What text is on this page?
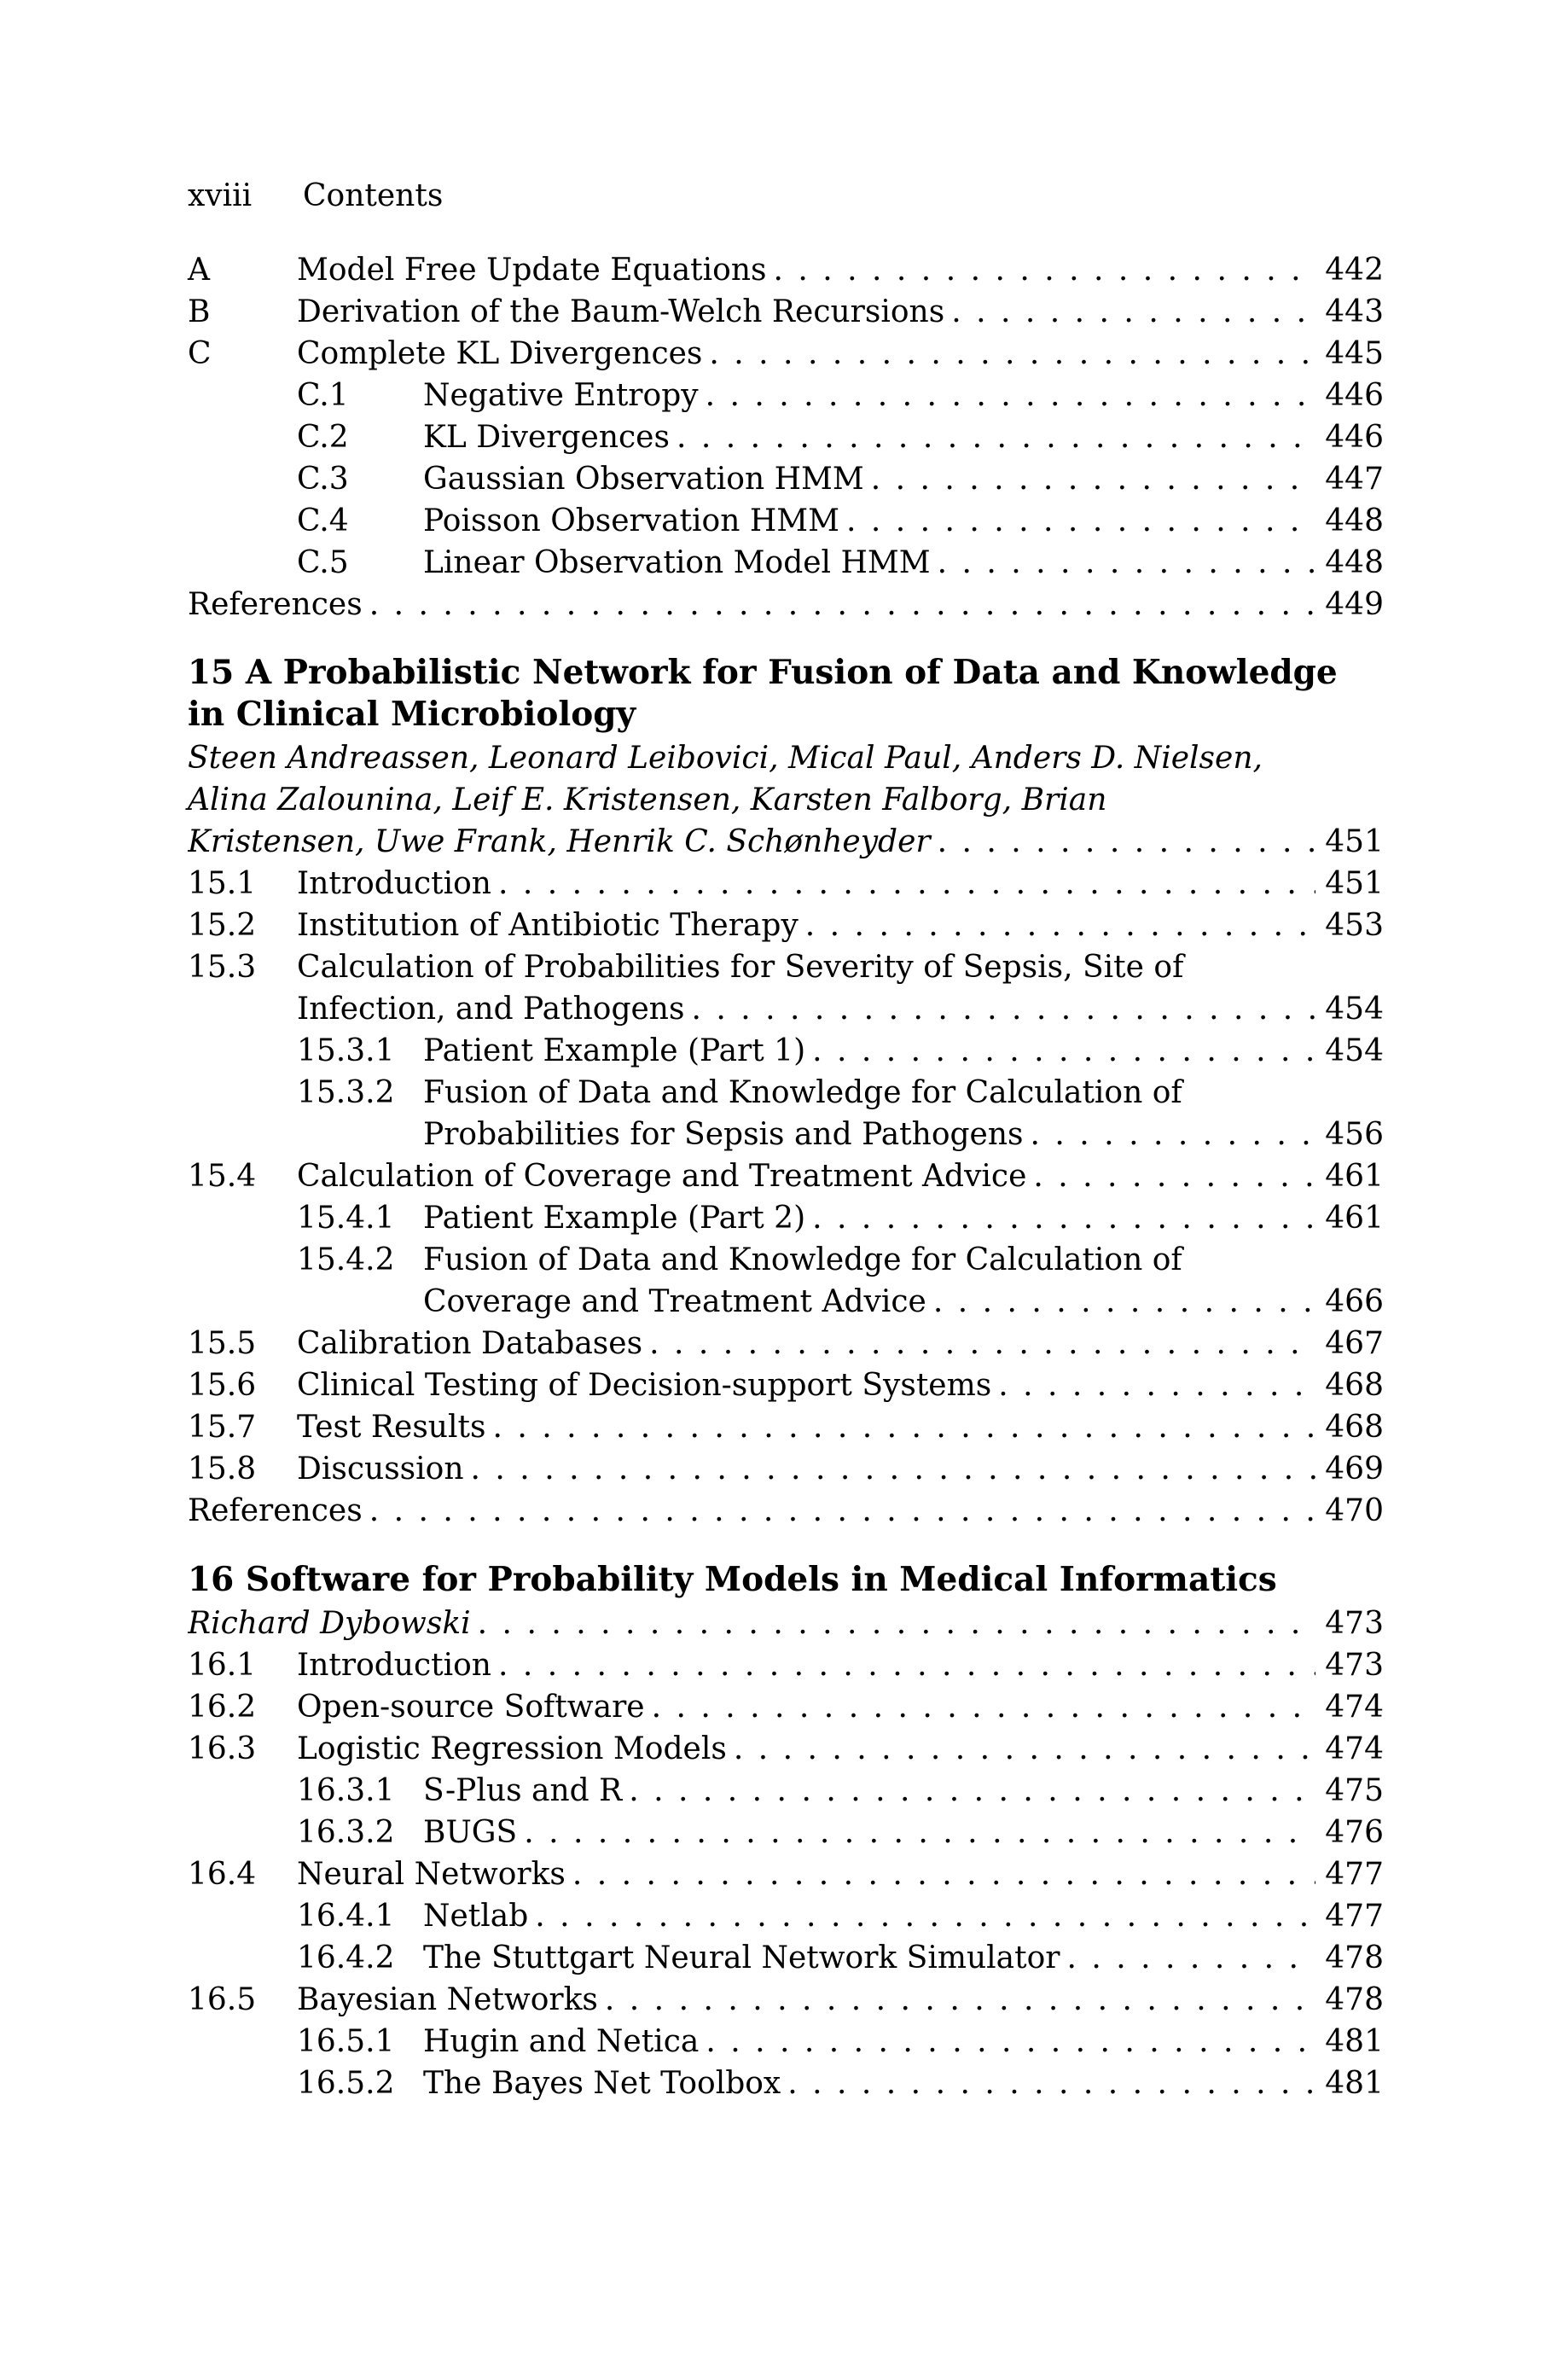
xviii Contents
A	Model Free Update Equations . . .	442
B	Derivation of the Baum-Welch Recursions . . .	443
C	Complete KL Divergences . . .	445
C.1 Negative Entropy . . .	446
C.2 KL Divergences . . .	446
C.3 Gaussian Observation HMM . . .	447
C.4 Poisson Observation HMM . . .	448
C.5 Linear Observation Model HMM . . .	448
References . . .	449
15 A Probabilistic Network for Fusion of Data and Knowledge
in Clinical Microbiology
Steen Andreassen, Leonard Leibovici, Mical Paul, Anders D. Nielsen,
Alina Zalounina, Leif E. Kristensen, Karsten Falborg, Brian
Kristensen, Uwe Frank, Henrik C. Schønheyder . . .	451
15.1 Introduction . . .	451
15.2 Institution of Antibiotic Therapy . . .	453
15.3 Calculation of Probabilities for Severity of Sepsis, Site of
Infection, and Pathogens . . .	454
15.3.1 Patient Example (Part 1) . . .	454
15.3.2 Fusion of Data and Knowledge for Calculation of
Probabilities for Sepsis and Pathogens . . .	456
15.4 Calculation of Coverage and Treatment Advice . . .	461
15.4.1 Patient Example (Part 2) . . .	461
15.4.2 Fusion of Data and Knowledge for Calculation of
Coverage and Treatment Advice . . .	466
15.5 Calibration Databases . . .	467
15.6 Clinical Testing of Decision-support Systems . . .	468
15.7 Test Results . . .	468
15.8 Discussion . . .	469
References . . .	470
16 Software for Probability Models in Medical Informatics
Richard Dybowski . . .	473
16.1 Introduction . . .	473
16.2 Open-source Software . . .	474
16.3 Logistic Regression Models . . .	474
16.3.1 S-Plus and R . . .	475
16.3.2 BUGS . . .	476
16.4 Neural Networks . . .	477
16.4.1 Netlab . . .	477
16.4.2 The Stuttgart Neural Network Simulator . . .	478
16.5 Bayesian Networks . . .	478
16.5.1 Hugin and Netica . . .	481
16.5.2 The Bayes Net Toolbox . . .	481
